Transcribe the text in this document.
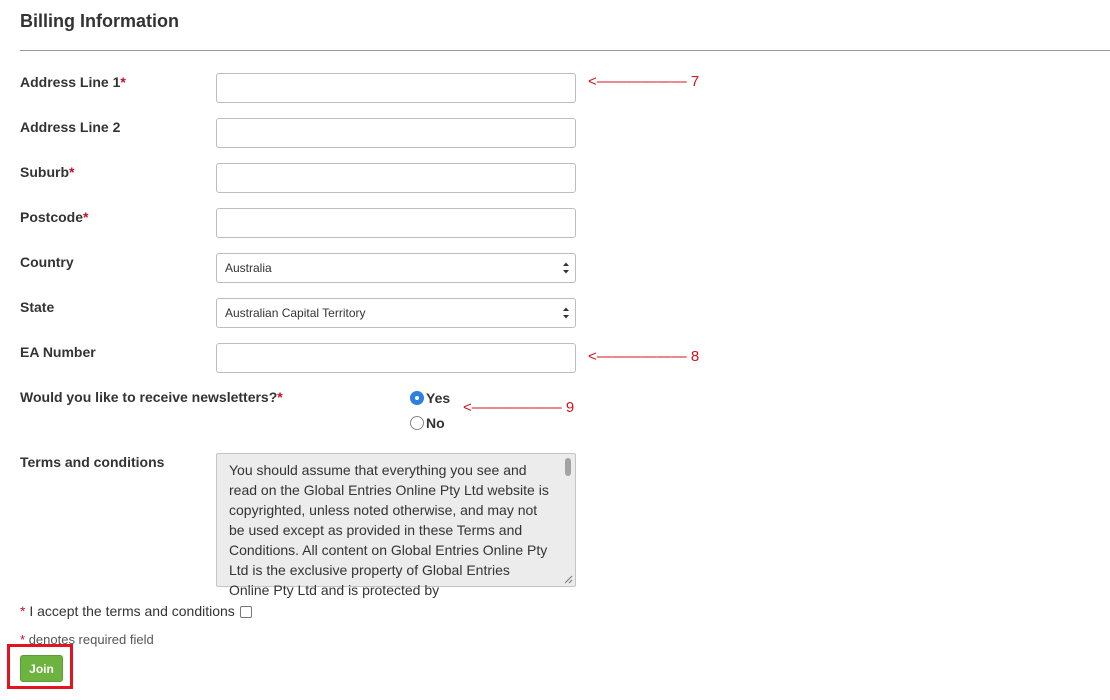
Billing Information
Address Line 1*	<—————— 7
Address Line 2
Suburb*
Postcode*
Country	Australia
State	Australian Capital Territory
EA Number	<—————— 8
Would you like to receive newsletters?*	Yes
No
<—————— 9
Terms and conditions	You should assume that everything you see and read on the Global Entries Online Pty Ltd website is copyrighted, unless noted otherwise, and may not be used except as provided in these Terms and Conditions. All content on Global Entries Online Pty Ltd is the exclusive property of Global Entries Online Pty Ltd and is protected by
* I accept the terms and conditions
* denotes required field
Join
